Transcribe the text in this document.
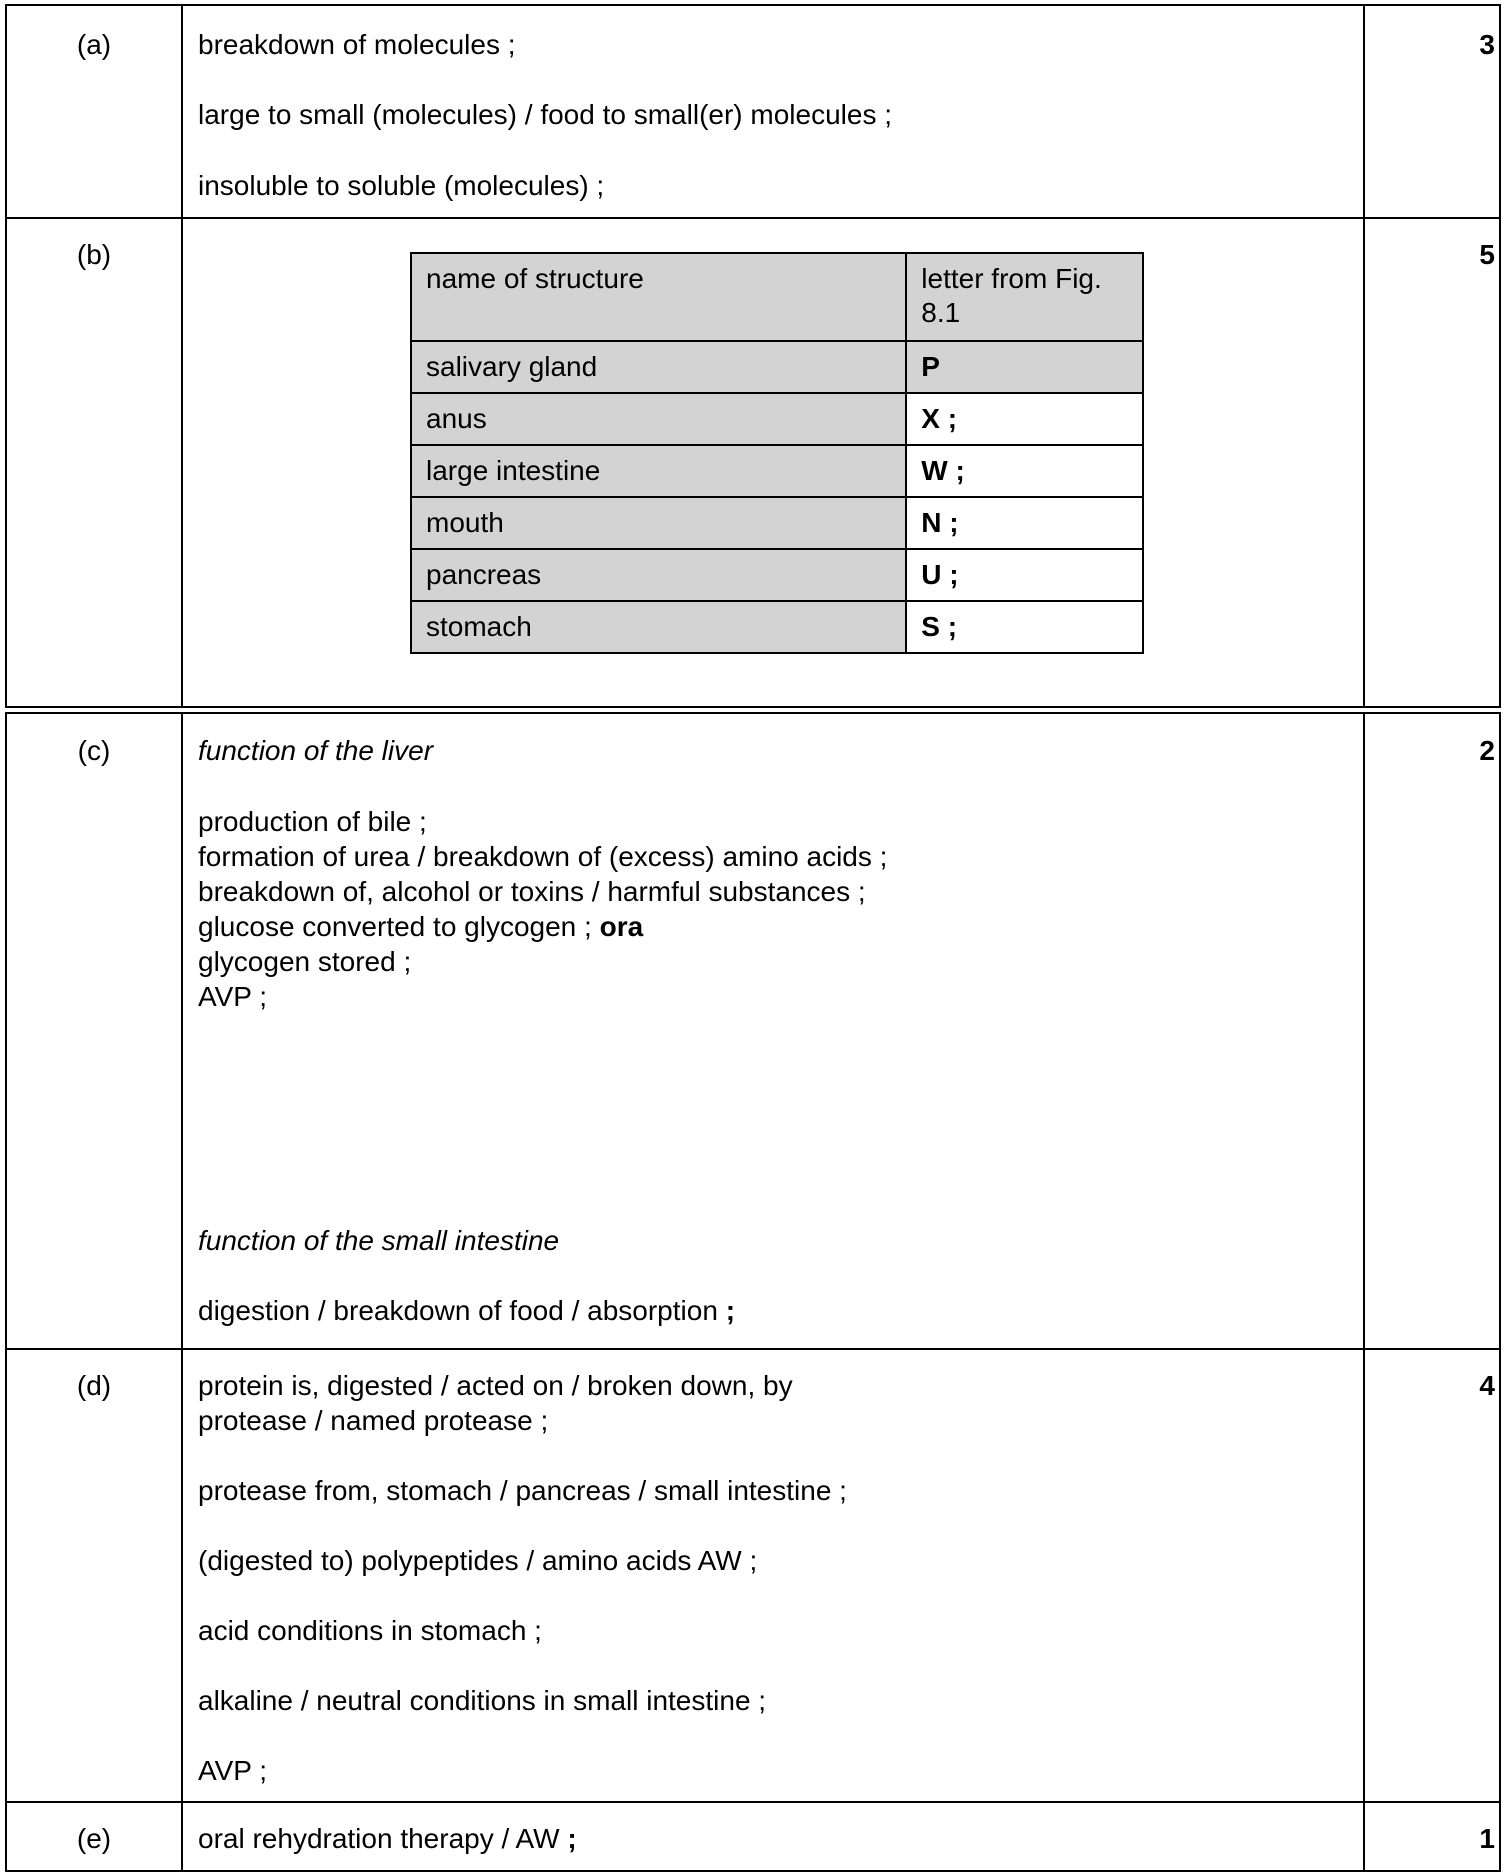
(a)	3
breakdown of molecules ;
large to small (molecules) / food to small(er) molecules ;
insoluble to soluble (molecules) ;
(b)	5
name of structure	letter from Fig. 8.1
salivary gland	P
anus	X ;
large intestine	W ;
mouth	N ;
pancreas	U ;
stomach	S ;
(c)	2
function of the liver
production of bile ;
formation of urea / breakdown of (excess) amino acids ;
breakdown of, alcohol or toxins / harmful substances ;
glucose converted to glycogen ; ora
glycogen stored ;
AVP ;
function of the small intestine
digestion / breakdown of food / absorption ;
(d)	4
protein is, digested / acted on / broken down, by
protease / named protease ;
protease from, stomach / pancreas / small intestine ;
(digested to) polypeptides / amino acids AW ;
acid conditions in stomach ;
alkaline / neutral conditions in small intestine ;
AVP ;
(e)	1
oral rehydration therapy / AW ;
